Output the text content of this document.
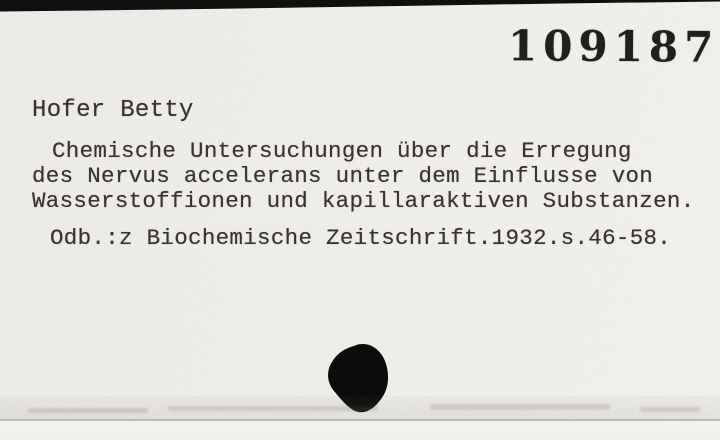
109187
Hofer Betty
Chemische Untersuchungen über die Erregung
des Nervus accelerans unter dem Einflusse von
Wasserstoffionen und kapillaraktiven Substanzen.
Odb.:z Biochemische Zeitschrift.1932.s.46-58.
